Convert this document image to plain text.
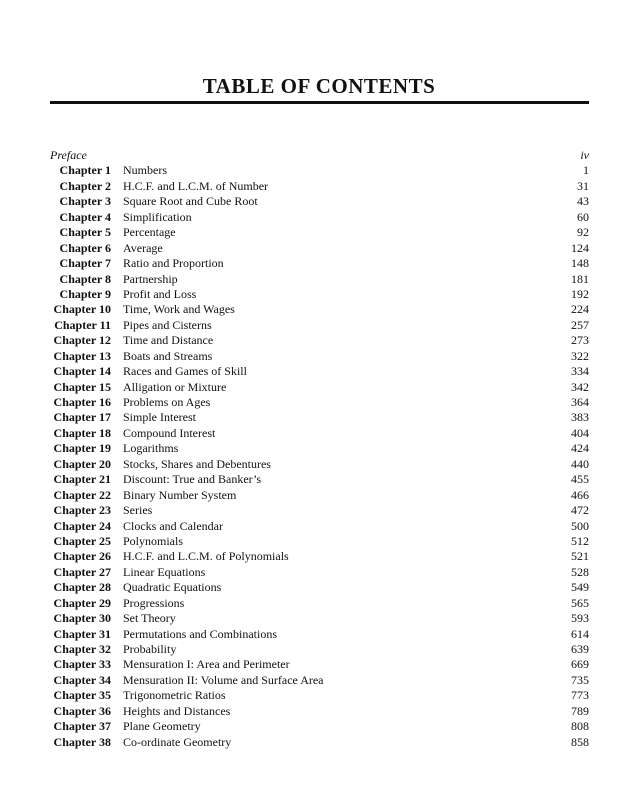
TABLE OF CONTENTS
Preface	iv
Chapter 1 Numbers	1
Chapter 2 H.C.F. and L.C.M. of Number	31
Chapter 3 Square Root and Cube Root	43
Chapter 4 Simplification	60
Chapter 5 Percentage	92
Chapter 6 Average	124
Chapter 7 Ratio and Proportion	148
Chapter 8 Partnership	181
Chapter 9 Profit and Loss	192
Chapter 10 Time, Work and Wages	224
Chapter 11 Pipes and Cisterns	257
Chapter 12 Time and Distance	273
Chapter 13 Boats and Streams	322
Chapter 14 Races and Games of Skill	334
Chapter 15 Alligation or Mixture	342
Chapter 16 Problems on Ages	364
Chapter 17 Simple Interest	383
Chapter 18 Compound Interest	404
Chapter 19 Logarithms	424
Chapter 20 Stocks, Shares and Debentures	440
Chapter 21 Discount: True and Banker’s	455
Chapter 22 Binary Number System	466
Chapter 23 Series	472
Chapter 24 Clocks and Calendar	500
Chapter 25 Polynomials	512
Chapter 26 H.C.F. and L.C.M. of Polynomials	521
Chapter 27 Linear Equations	528
Chapter 28 Quadratic Equations	549
Chapter 29 Progressions	565
Chapter 30 Set Theory	593
Chapter 31 Permutations and Combinations	614
Chapter 32 Probability	639
Chapter 33 Mensuration I: Area and Perimeter	669
Chapter 34 Mensuration II: Volume and Surface Area	735
Chapter 35 Trigonometric Ratios	773
Chapter 36 Heights and Distances	789
Chapter 37 Plane Geometry	808
Chapter 38 Co-ordinate Geometry	858
